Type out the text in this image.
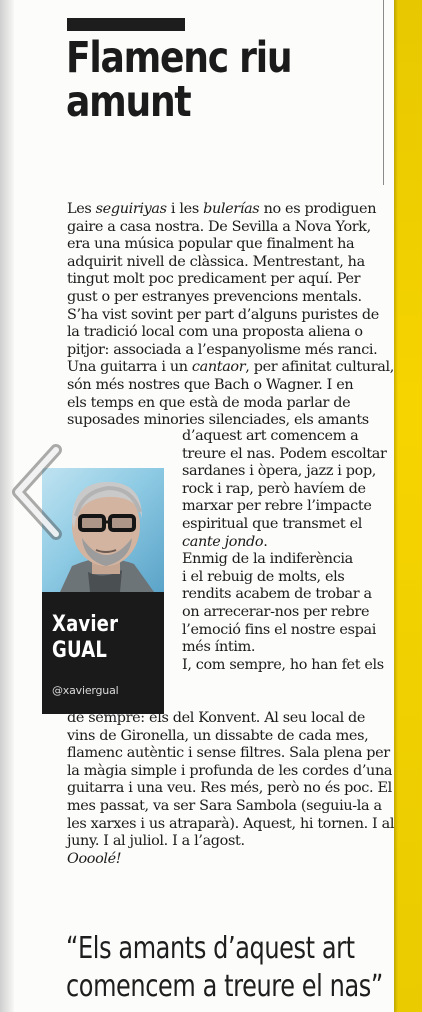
Flamenc riu
amunt
Les seguiriyas i les bulerías no es prodiguen
gaire a casa nostra. De Sevilla a Nova York,
era una música popular que finalment ha
adquirit nivell de clàssica. Mentrestant, ha
tingut molt poc predicament per aquí. Per
gust o per estranyes prevencions mentals.
S’ha vist sovint per part d’alguns puristes de
la tradició local com una proposta aliena o
pitjor: associada a l’espanyolisme més ranci.
Una guitarra i un cantaor, per afinitat cultural,
són més nostres que Bach o Wagner. I en
els temps en que està de moda parlar de
suposades minories silenciades, els amants
Xavier
GUAL
@xaviergual
d’aquest art comencem a
treure el nas. Podem escoltar
sardanes i òpera, jazz i pop,
rock i rap, però havíem de
marxar per rebre l’impacte
espiritual que transmet el
cante jondo.
Enmig de la indiferència
i el rebuig de molts, els
rendits acabem de trobar a
on arrecerar-nos per rebre
l’emoció fins el nostre espai
més íntim.
I, com sempre, ho han fet els
de sempre: els del Konvent. Al seu local de
vins de Gironella, un dissabte de cada mes,
flamenc autèntic i sense filtres. Sala plena per
la màgia simple i profunda de les cordes d’una
guitarra i una veu. Res més, però no és poc. El
mes passat, va ser Sara Sambola (seguiu-la a
les xarxes i us atraparà). Aquest, hi tornen. I al
juny. I al juliol. I a l’agost.
Oooolé!
“Els amants d’aquest art
comencem a treure el nas”
